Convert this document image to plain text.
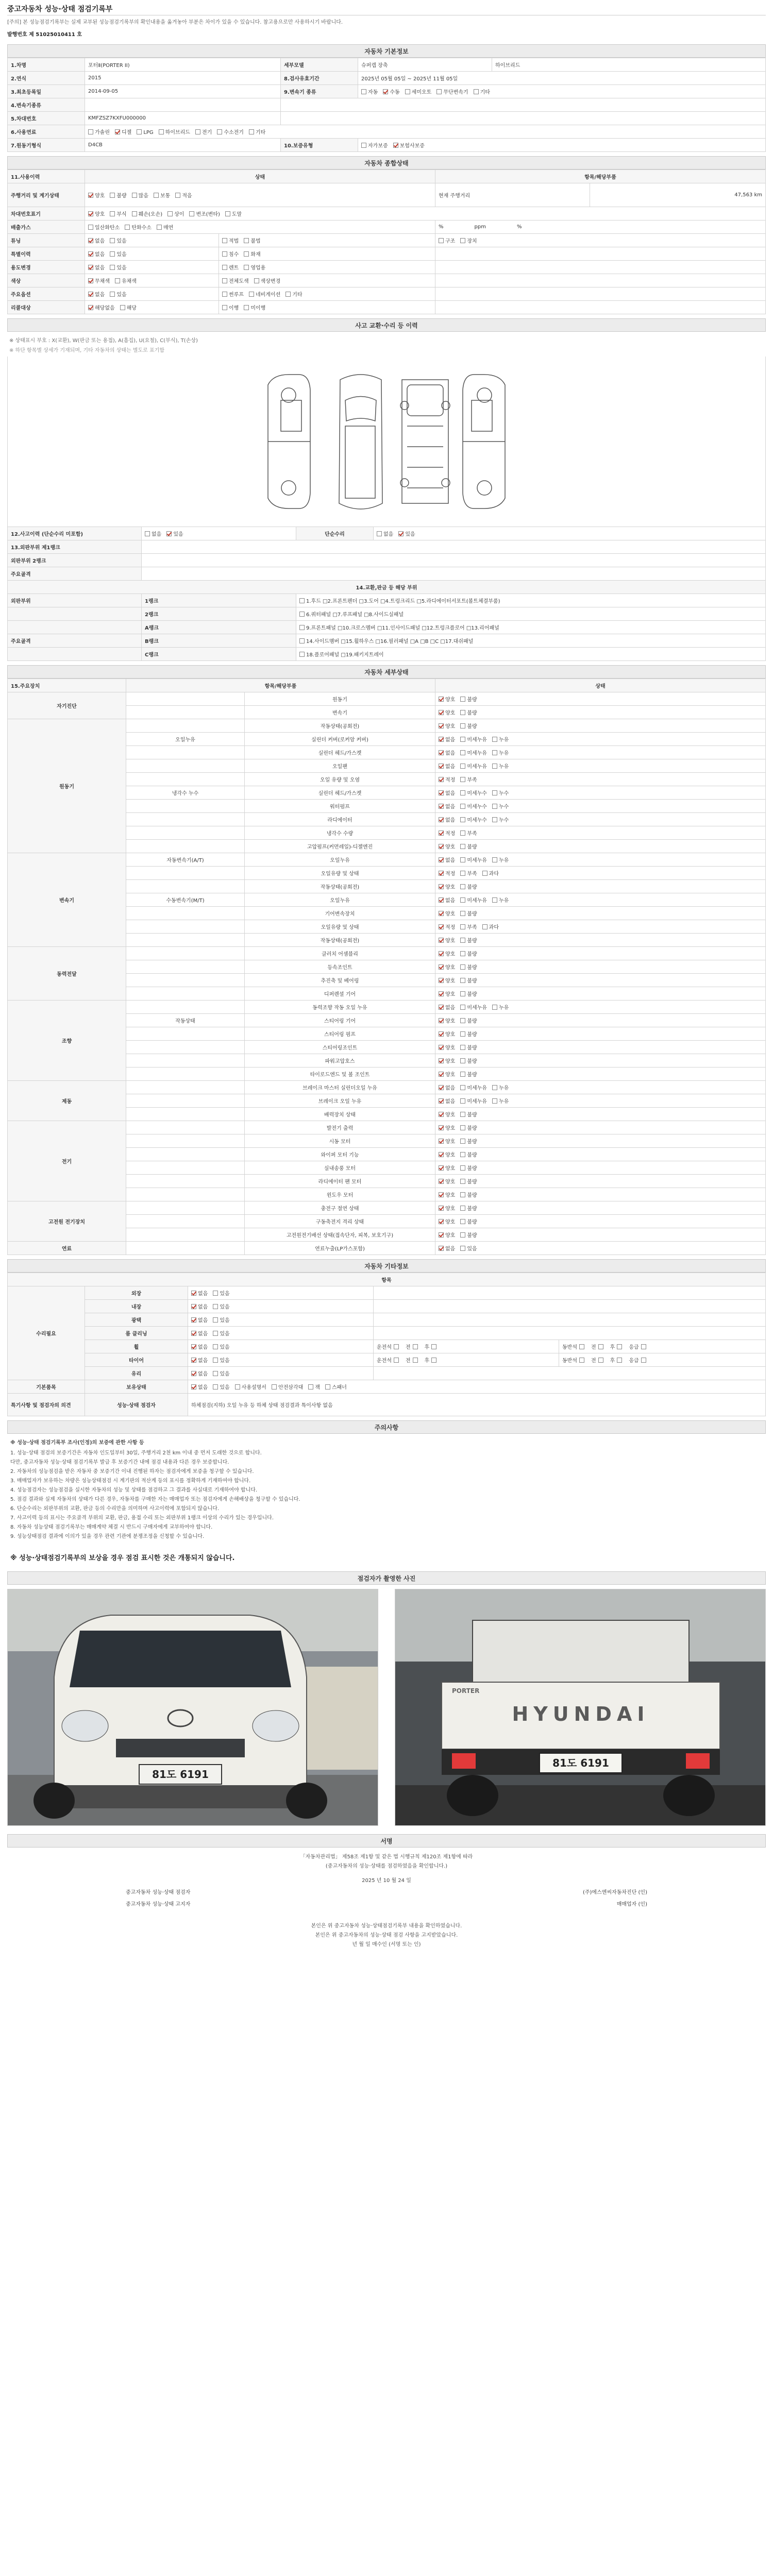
중고자동차 성능·상태 점검기록부
[주의] 본 성능점검기록부는 실제 교부된 성능점검기록부의 확인내용을 옮겨놓아 부분은 차이가 있을 수 있습니다. 참고용으로만 사용하시기 바랍니다.
발행번호 제 51025010411 호
자동차 기본정보
1.차명	포터Ⅱ(PORTER II)	세부모델	슈퍼캡 장축	하이브리드
2.연식	2015	8.검사유효기간	2025년 05월 05일 ~ 2025년 11월 05일	
3.최초등록일	2014-09-05	9.변속기 종류	자동 수동 세미오토 무단변속기 기타	
4.변속기종류				
5.차대번호	KMFZSZ7KXFU000000			
6.사용연료	가솔린 디젤 LPG 하이브리드 전기 수소전기 기타			
7.원동기형식	D4CB	10.보증유형	자가보증 보험사보증	
자동차 종합상태
11.사용이력	상태		항목/해당부품	
주행거리 및 계기상태	양호 불량 많음 보통 적음		현재 주행거리	47,563 km
차대번호표기	양호 부식 훼손(오손) 상이 변조(변타) 도말			
배출가스	일산화탄소 탄화수소 매연		% ppm %	
튜닝	없음 있음	적법 불법	구조 장치	
특별이력	없음 있음	침수 화재		
용도변경	없음 있음	렌트 영업용		
색상	무채색 유채색	전체도색 색상변경		
주요옵션	없음 있음	썬루프 네비게이션 기타		
리콜대상	해당없음 해당	이행 미이행		
사고 교환·수리 등 이력
※ 상태표시 부호 : X(교환), W(판금 또는 용접), A(흠집), U(요철), C(부식), T(손상)
※ 하단 항목별 상세가 기재되며, 기타 자동차의 상태는 별도로 표기함
12.사고이력 (단순수리 미포함)	없음 있음	단순수리	없음 있음
13.외판부위 제1랭크			
외판부위 2랭크			
주요골격			
14.교환,판금 등 해당 부위			
외판부위	1랭크	1.후드 □2.프론트펜더 □3.도어 □4.트렁크리드 □5.라디에이터서포트(볼트체결부품)	
	2랭크	6.쿼터패널 □7.루프패널 □8.사이드실패널	
	A랭크	9.프론트패널 □10.크로스멤버 □11.인사이드패널 □12.트렁크플로어 □13.리어패널	
주요골격	B랭크	14.사이드멤버 □15.휠하우스 □16.필러패널 □A □B □C □17.대쉬패널	
	C랭크	18.플로어패널 □19.패키지트레이	
자동차 세부상태
15.주요장치	항목/해당부품		상태
자기진단		원동기	양호 불량
		변속기	양호 불량
원동기		작동상태(공회전)	양호 불량
	오일누유	실린더 커버(로커암 커버)	없음 미세누유 누유
		실린더 헤드/가스켓	없음 미세누유 누유
		오일팬	없음 미세누유 누유
		오일 유량 및 오염	적정 부족
	냉각수 누수	실린더 헤드/가스켓	없음 미세누수 누수
		워터펌프	없음 미세누수 누수
		라디에이터	없음 미세누수 누수
		냉각수 수량	적정 부족
		고압펌프(커먼레일)-디젤엔진	양호 불량
변속기	자동변속기(A/T)	오일누유	없음 미세누유 누유
		오일유량 및 상태	적정 부족 과다
		작동상태(공회전)	양호 불량
	수동변속기(M/T)	오일누유	없음 미세누유 누유
		기어변속장치	양호 불량
		오일유량 및 상태	적정 부족 과다
		작동상태(공회전)	양호 불량
동력전달		클러치 어셈블리	양호 불량
		등속조인트	양호 불량
		추진축 및 베어링	양호 불량
		디퍼렌셜 기어	양호 불량
조향		동력조향 작동 오일 누유	없음 미세누유 누유
	작동상태	스티어링 기어	양호 불량
		스티어링 펌프	양호 불량
		스티어링조인트	양호 불량
		파워고압호스	양호 불량
		타이로드엔드 및 볼 조인트	양호 불량
제동		브레이크 마스터 실린더오일 누유	없음 미세누유 누유
		브레이크 오일 누유	없음 미세누유 누유
		배력장치 상태	양호 불량
전기		발전기 출력	양호 불량
		시동 모터	양호 불량
		와이퍼 모터 기능	양호 불량
		실내송풍 모터	양호 불량
		라디에이터 팬 모터	양호 불량
		윈도우 모터	양호 불량
고전원 전기장치		충전구 절연 상태	양호 불량
		구동축전지 격리 상태	양호 불량
		고전원전기배선 상태(접속단자, 피복, 보호기구)	양호 불량
연료		연료누출(LP가스포함)	없음 있음
자동차 기타정보
항목				
수리필요	외장	없음 있음		
	내장	없음 있음		
	광택	없음 있음		
	룸 클리닝	없음 있음		
	휠	없음 있음	운전석 전 후	동반석 전 후 응급
	타이어	없음 있음	운전석 전 후	동반석 전 후 응급
	유리	없음 있음		
기본품목	보유상태	없음 있음 사용설명서 안전삼각대 잭 스패너		
특기사항 및 점검자의 의견	성능·상태 점검자	하체점검(지하) 오일 누유 등 하체 상태 점검결과 특이사항 없음		
주의사항

※ 성능·상태 점검기록부 조사(인정)의 보증에 관한 사항 등

1. 성능·상태 점검의 보증기간은 자동차 인도일부터 30일, 주행거리 2천 km 이내 중 먼저 도래한 것으로 합니다.

다만, 중고자동차 성능·상태 점검기록부 발급 후 보증기간 내에 점검 내용과 다른 경우 보증합니다.

2. 자동차의 성능점검을 받은 자동차 중 보증기간 이내 진행된 하자는 점검자에게 보증을 청구할 수 있습니다.

3. 매매업자가 보유하는 차량은 성능상태점검 시 계기판의 적산계 등의 표시를 정확하게 기재하여야 합니다.

4. 성능점검자는 성능점검을 실시한 자동차의 성능 및 상태를 점검하고 그 결과를 사실대로 기재하여야 합니다.

5. 점검 결과와 실제 자동차의 상태가 다른 경우, 자동차를 구매한 자는 매매업자 또는 점검자에게 손해배상을 청구할 수 있습니다.

6. 단순수리는 외판부위의 교환, 판금 등의 수리만을 의미하며 사고이력에 포함되지 않습니다.

7. 사고이력 등의 표시는 주요골격 부위의 교환, 판금, 용접 수리 또는 외판부위 1랭크 이상의 수리가 있는 경우입니다.

8. 자동차 성능상태 점검기록부는 매매계약 체결 시 반드시 구매자에게 교부하여야 합니다.

9. 성능상태점검 결과에 이의가 있을 경우 관련 기관에 분쟁조정을 신청할 수 있습니다.

※ 성능·상태점검기록부의 보상을 경우 점검 표시한 것은 개통되지 않습니다.
점검자가 촬영한 사진
81도 6191
HYUNDAI
PORTER
81도 6191
서명
「자동차관리법」 제58조 제1항 및 같은 법 시행규칙 제120조 제1항에 따라
(중고자동차의 성능·상태를 점검하였음을 확인합니다.)
2025 년 10 월 24 일
중고자동차 성능·상태 점검자	(주)에스엔씨자동차진단 (인)
중고자동차 성능·상태 고지자	매매업자 (인)
본인은 위 중고자동차 성능·상태점검기록부 내용을 확인하였습니다.
본인은 위 중고자동차의 성능·상태 점검 사항을 고지받았습니다.
년 월 일 매수인 (서명 또는 인)
